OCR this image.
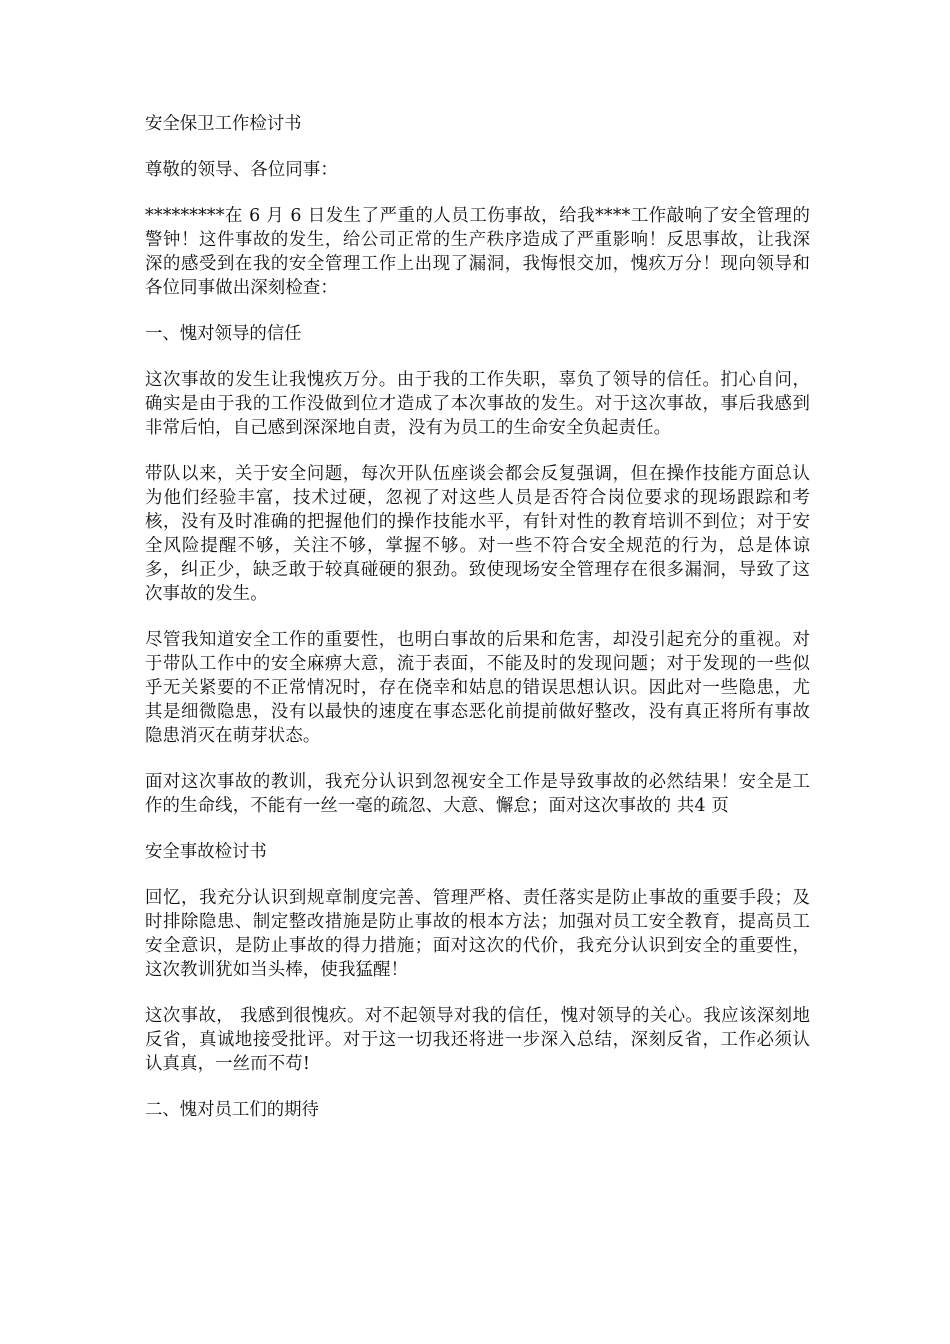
安全保卫工作检讨书

尊敬的领导、各位同事：

*********在 6 月 6 日发生了严重的人员工伤事故，给我****工作敲响了安全管理的警钟！这件事故的发生，给公司正常的生产秩序造成了严重影响！反思事故，让我深深的感受到在我的安全管理工作上出现了漏洞，我悔恨交加，愧疚万分！现向领导和各位同事做出深刻检查：

一、愧对领导的信任

这次事故的发生让我愧疚万分。由于我的工作失职，辜负了领导的信任。扪心自问，确实是由于我的工作没做到位才造成了本次事故的发生。对于这次事故，事后我感到非常后怕，自己感到深深地自责，没有为员工的生命安全负起责任。

带队以来，关于安全问题，每次开队伍座谈会都会反复强调，但在操作技能方面总认为他们经验丰富，技术过硬，忽视了对这些人员是否符合岗位要求的现场跟踪和考核，没有及时准确的把握他们的操作技能水平，有针对性的教育培训不到位；对于安全风险提醒不够，关注不够，掌握不够。对一些不符合安全规范的行为，总是体谅多，纠正少，缺乏敢于较真碰硬的狠劲。致使现场安全管理存在很多漏洞，导致了这次事故的发生。

尽管我知道安全工作的重要性，也明白事故的后果和危害，却没引起充分的重视。对于带队工作中的安全麻痹大意，流于表面，不能及时的发现问题；对于发现的一些似乎无关紧要的不正常情况时，存在侥幸和姑息的错误思想认识。因此对一些隐患，尤其是细微隐患，没有以最快的速度在事态恶化前提前做好整改，没有真正将所有事故隐患消灭在萌芽状态。

面对这次事故的教训，我充分认识到忽视安全工作是导致事故的必然结果！安全是工作的生命线，不能有一丝一毫的疏忽、大意、懈怠；面对这次事故的 共4 页

安全事故检讨书

回忆，我充分认识到规章制度完善、管理严格、责任落实是防止事故的重要手段；及时排除隐患、制定整改措施是防止事故的根本方法；加强对员工安全教育，提高员工安全意识，是防止事故的得力措施；面对这次的代价，我充分认识到安全的重要性，这次教训犹如当头棒，使我猛醒！

这次事故， 我感到很愧疚。对不起领导对我的信任，愧对领导的关心。我应该深刻地反省，真诚地接受批评。对于这一切我还将进一步深入总结，深刻反省，工作必须认认真真，一丝而不苟!

二、愧对员工们的期待
